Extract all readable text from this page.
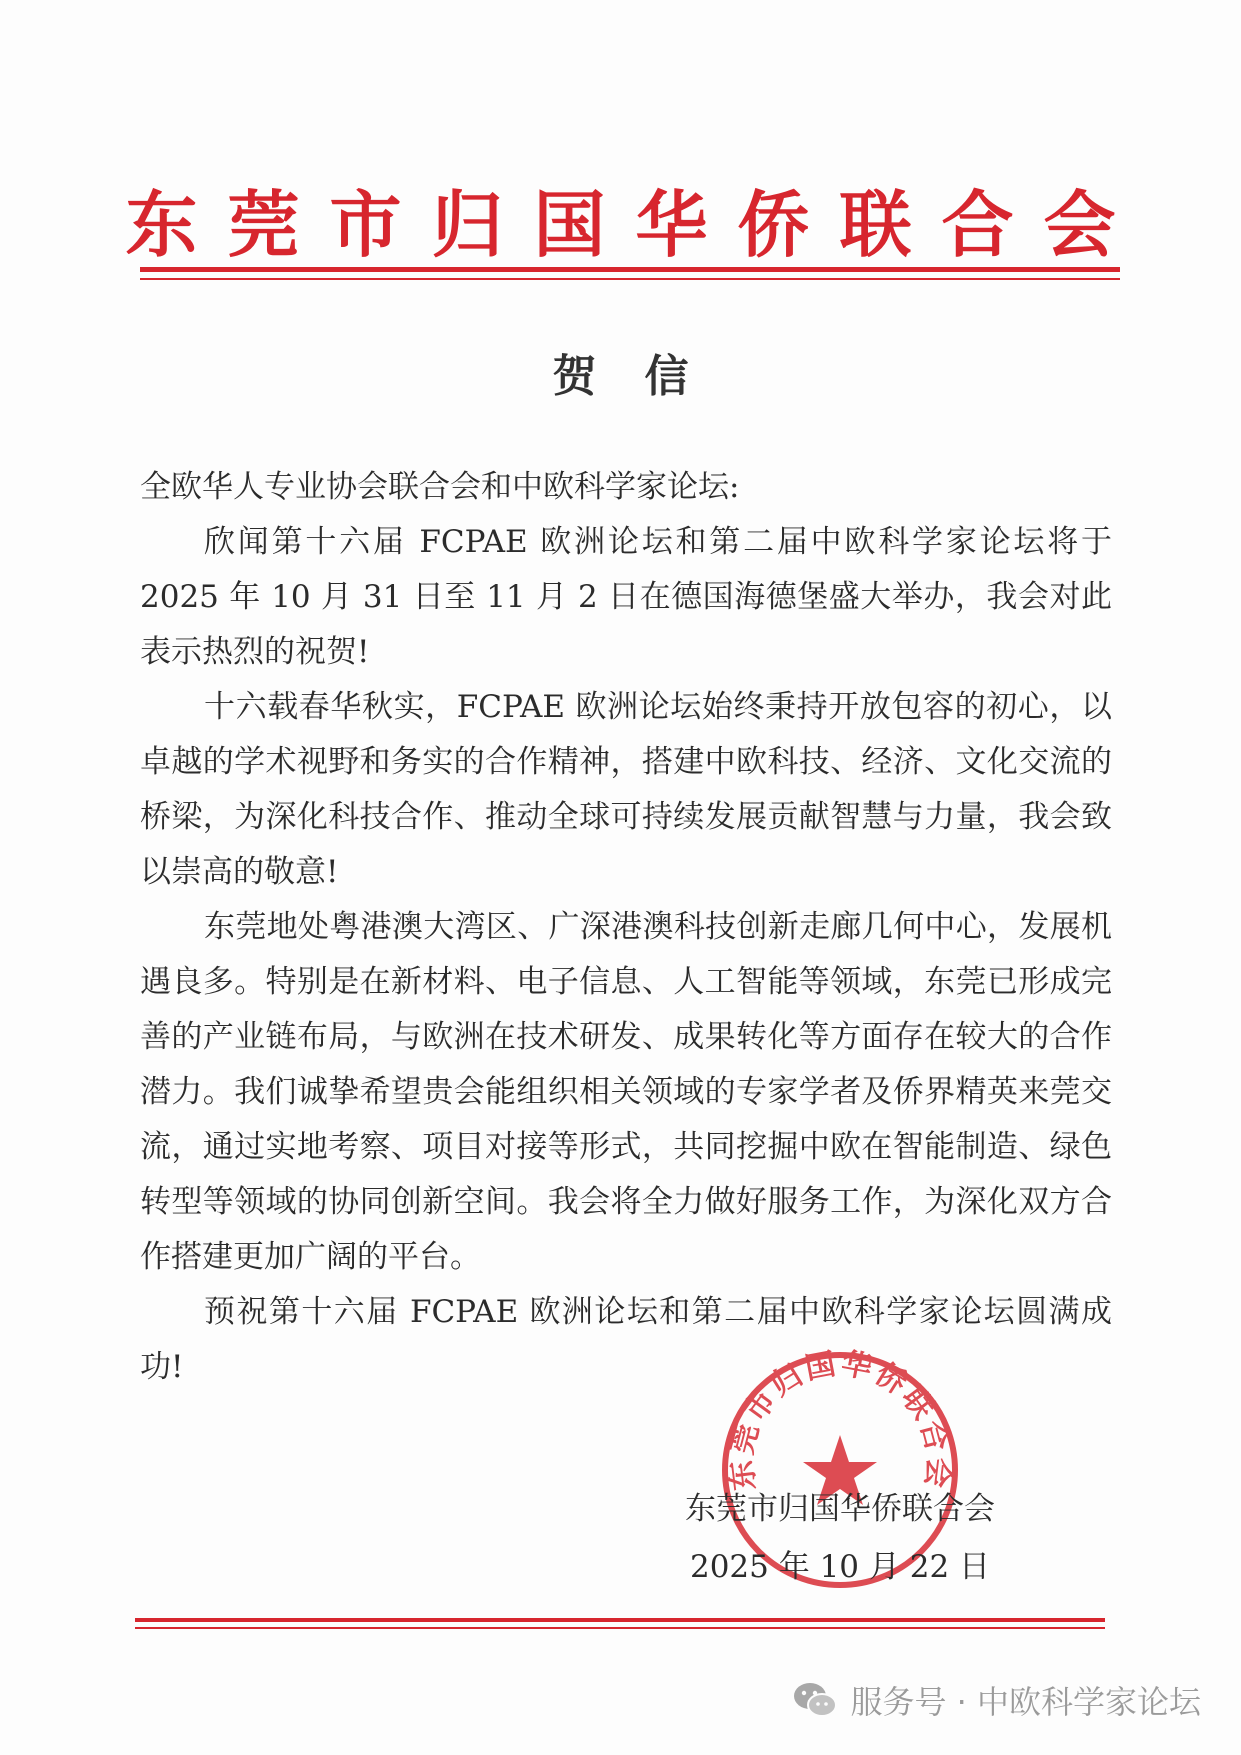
东莞市归国华侨联合会
贺信

全欧华人专业协会联合会和中欧科学家论坛:

欣闻第十六届 FCPAE 欧洲论坛和第二届中欧科学家论坛将于2025 年 10 月 31 日至 11 月 2 日在德国海德堡盛大举办，我会对此表示热烈的祝贺!

十六载春华秋实，FCPAE 欧洲论坛始终秉持开放包容的初心，以卓越的学术视野和务实的合作精神，搭建中欧科技、经济、文化交流的桥梁，为深化科技合作、推动全球可持续发展贡献智慧与力量，我会致以崇高的敬意!

东莞地处粤港澳大湾区、广深港澳科技创新走廊几何中心，发展机遇良多。特别是在新材料、电子信息、人工智能等领域，东莞已形成完善的产业链布局，与欧洲在技术研发、成果转化等方面存在较大的合作潜力。我们诚挚希望贵会能组织相关领域的专家学者及侨界精英来莞交流，通过实地考察、项目对接等形式，共同挖掘中欧在智能制造、绿色转型等领域的协同创新空间。我会将全力做好服务工作，为深化双方合作搭建更加广阔的平台。

预祝第十六届 FCPAE 欧洲论坛和第二届中欧科学家论坛圆满成功!

东莞市归国华侨联合会
东莞市归国华侨联合会
2025 年 10 月 22 日
服务号 · 中欧科学家论坛
